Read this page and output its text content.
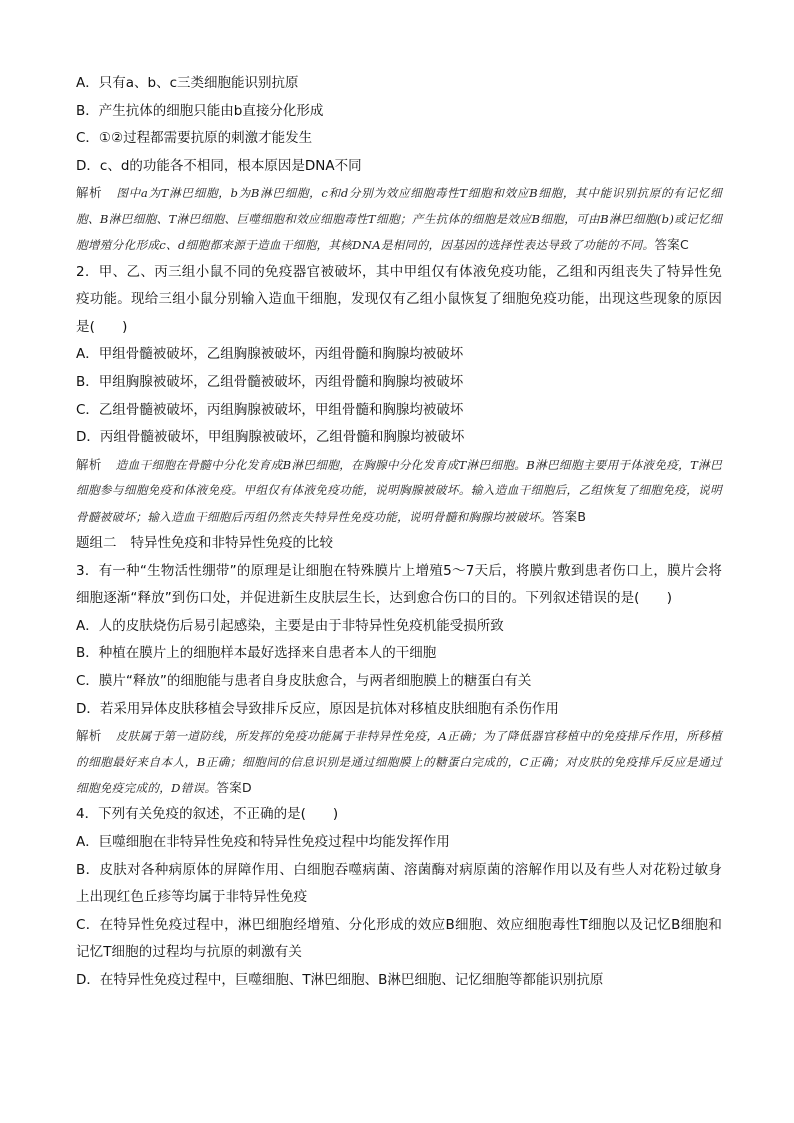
A．只有a、b、c三类细胞能识别抗原
B．产生抗体的细胞只能由b直接分化形成
C．①②过程都需要抗原的刺激才能发生
D．c、d的功能各不相同，根本原因是DNA不同
解析 图中a为T淋巴细胞，b为B淋巴细胞，c和d分别为效应细胞毒性T细胞和效应B细胞，其中能识别抗原的有记忆细胞、B淋巴细胞、T淋巴细胞、巨噬细胞和效应细胞毒性T细胞；产生抗体的细胞是效应B细胞，可由B淋巴细胞(b)或记忆细胞增殖分化形成c、d细胞都来源于造血干细胞，其核DNA是相同的，因基因的选择性表达导致了功能的不同。答案C
2．甲、乙、丙三组小鼠不同的免疫器官被破坏，其中甲组仅有体液免疫功能，乙组和丙组丧失了特异性免疫功能。现给三组小鼠分别输入造血干细胞，发现仅有乙组小鼠恢复了细胞免疫功能，出现这些现象的原因是(　　)
A．甲组骨髓被破坏，乙组胸腺被破坏，丙组骨髓和胸腺均被破坏
B．甲组胸腺被破坏，乙组骨髓被破坏，丙组骨髓和胸腺均被破坏
C．乙组骨髓被破坏，丙组胸腺被破坏，甲组骨髓和胸腺均被破坏
D．丙组骨髓被破坏，甲组胸腺被破坏，乙组骨髓和胸腺均被破坏
解析 造血干细胞在骨髓中分化发育成B淋巴细胞，在胸腺中分化发育成T淋巴细胞。B淋巴细胞主要用于体液免疫，T淋巴细胞参与细胞免疫和体液免疫。甲组仅有体液免疫功能，说明胸腺被破坏。输入造血干细胞后，乙组恢复了细胞免疫，说明骨髓被破坏；输入造血干细胞后丙组仍然丧失特异性免疫功能，说明骨髓和胸腺均被破坏。答案B
题组二 特异性免疫和非特异性免疫的比较
3．有一种“生物活性绷带”的原理是让细胞在特殊膜片上增殖5～7天后，将膜片敷到患者伤口上，膜片会将细胞逐渐“释放”到伤口处，并促进新生皮肤层生长，达到愈合伤口的目的。下列叙述错误的是(　　)
A．人的皮肤烧伤后易引起感染，主要是由于非特异性免疫机能受损所致
B．种植在膜片上的细胞样本最好选择来自患者本人的干细胞
C．膜片“释放”的细胞能与患者自身皮肤愈合，与两者细胞膜上的糖蛋白有关
D．若采用异体皮肤移植会导致排斥反应，原因是抗体对移植皮肤细胞有杀伤作用
解析 皮肤属于第一道防线，所发挥的免疫功能属于非特异性免疫，A正确；为了降低器官移植中的免疫排斥作用，所移植的细胞最好来自本人，B正确；细胞间的信息识别是通过细胞膜上的糖蛋白完成的，C正确；对皮肤的免疫排斥反应是通过细胞免疫完成的，D错误。答案D
4．下列有关免疫的叙述，不正确的是(　　)
A．巨噬细胞在非特异性免疫和特异性免疫过程中均能发挥作用
B．皮肤对各种病原体的屏障作用、白细胞吞噬病菌、溶菌酶对病原菌的溶解作用以及有些人对花粉过敏身上出现红色丘疹等均属于非特异性免疫
C．在特异性免疫过程中，淋巴细胞经增殖、分化形成的效应B细胞、效应细胞毒性T细胞以及记忆B细胞和记忆T细胞的过程均与抗原的刺激有关
D．在特异性免疫过程中，巨噬细胞、T淋巴细胞、B淋巴细胞、记忆细胞等都能识别抗原
